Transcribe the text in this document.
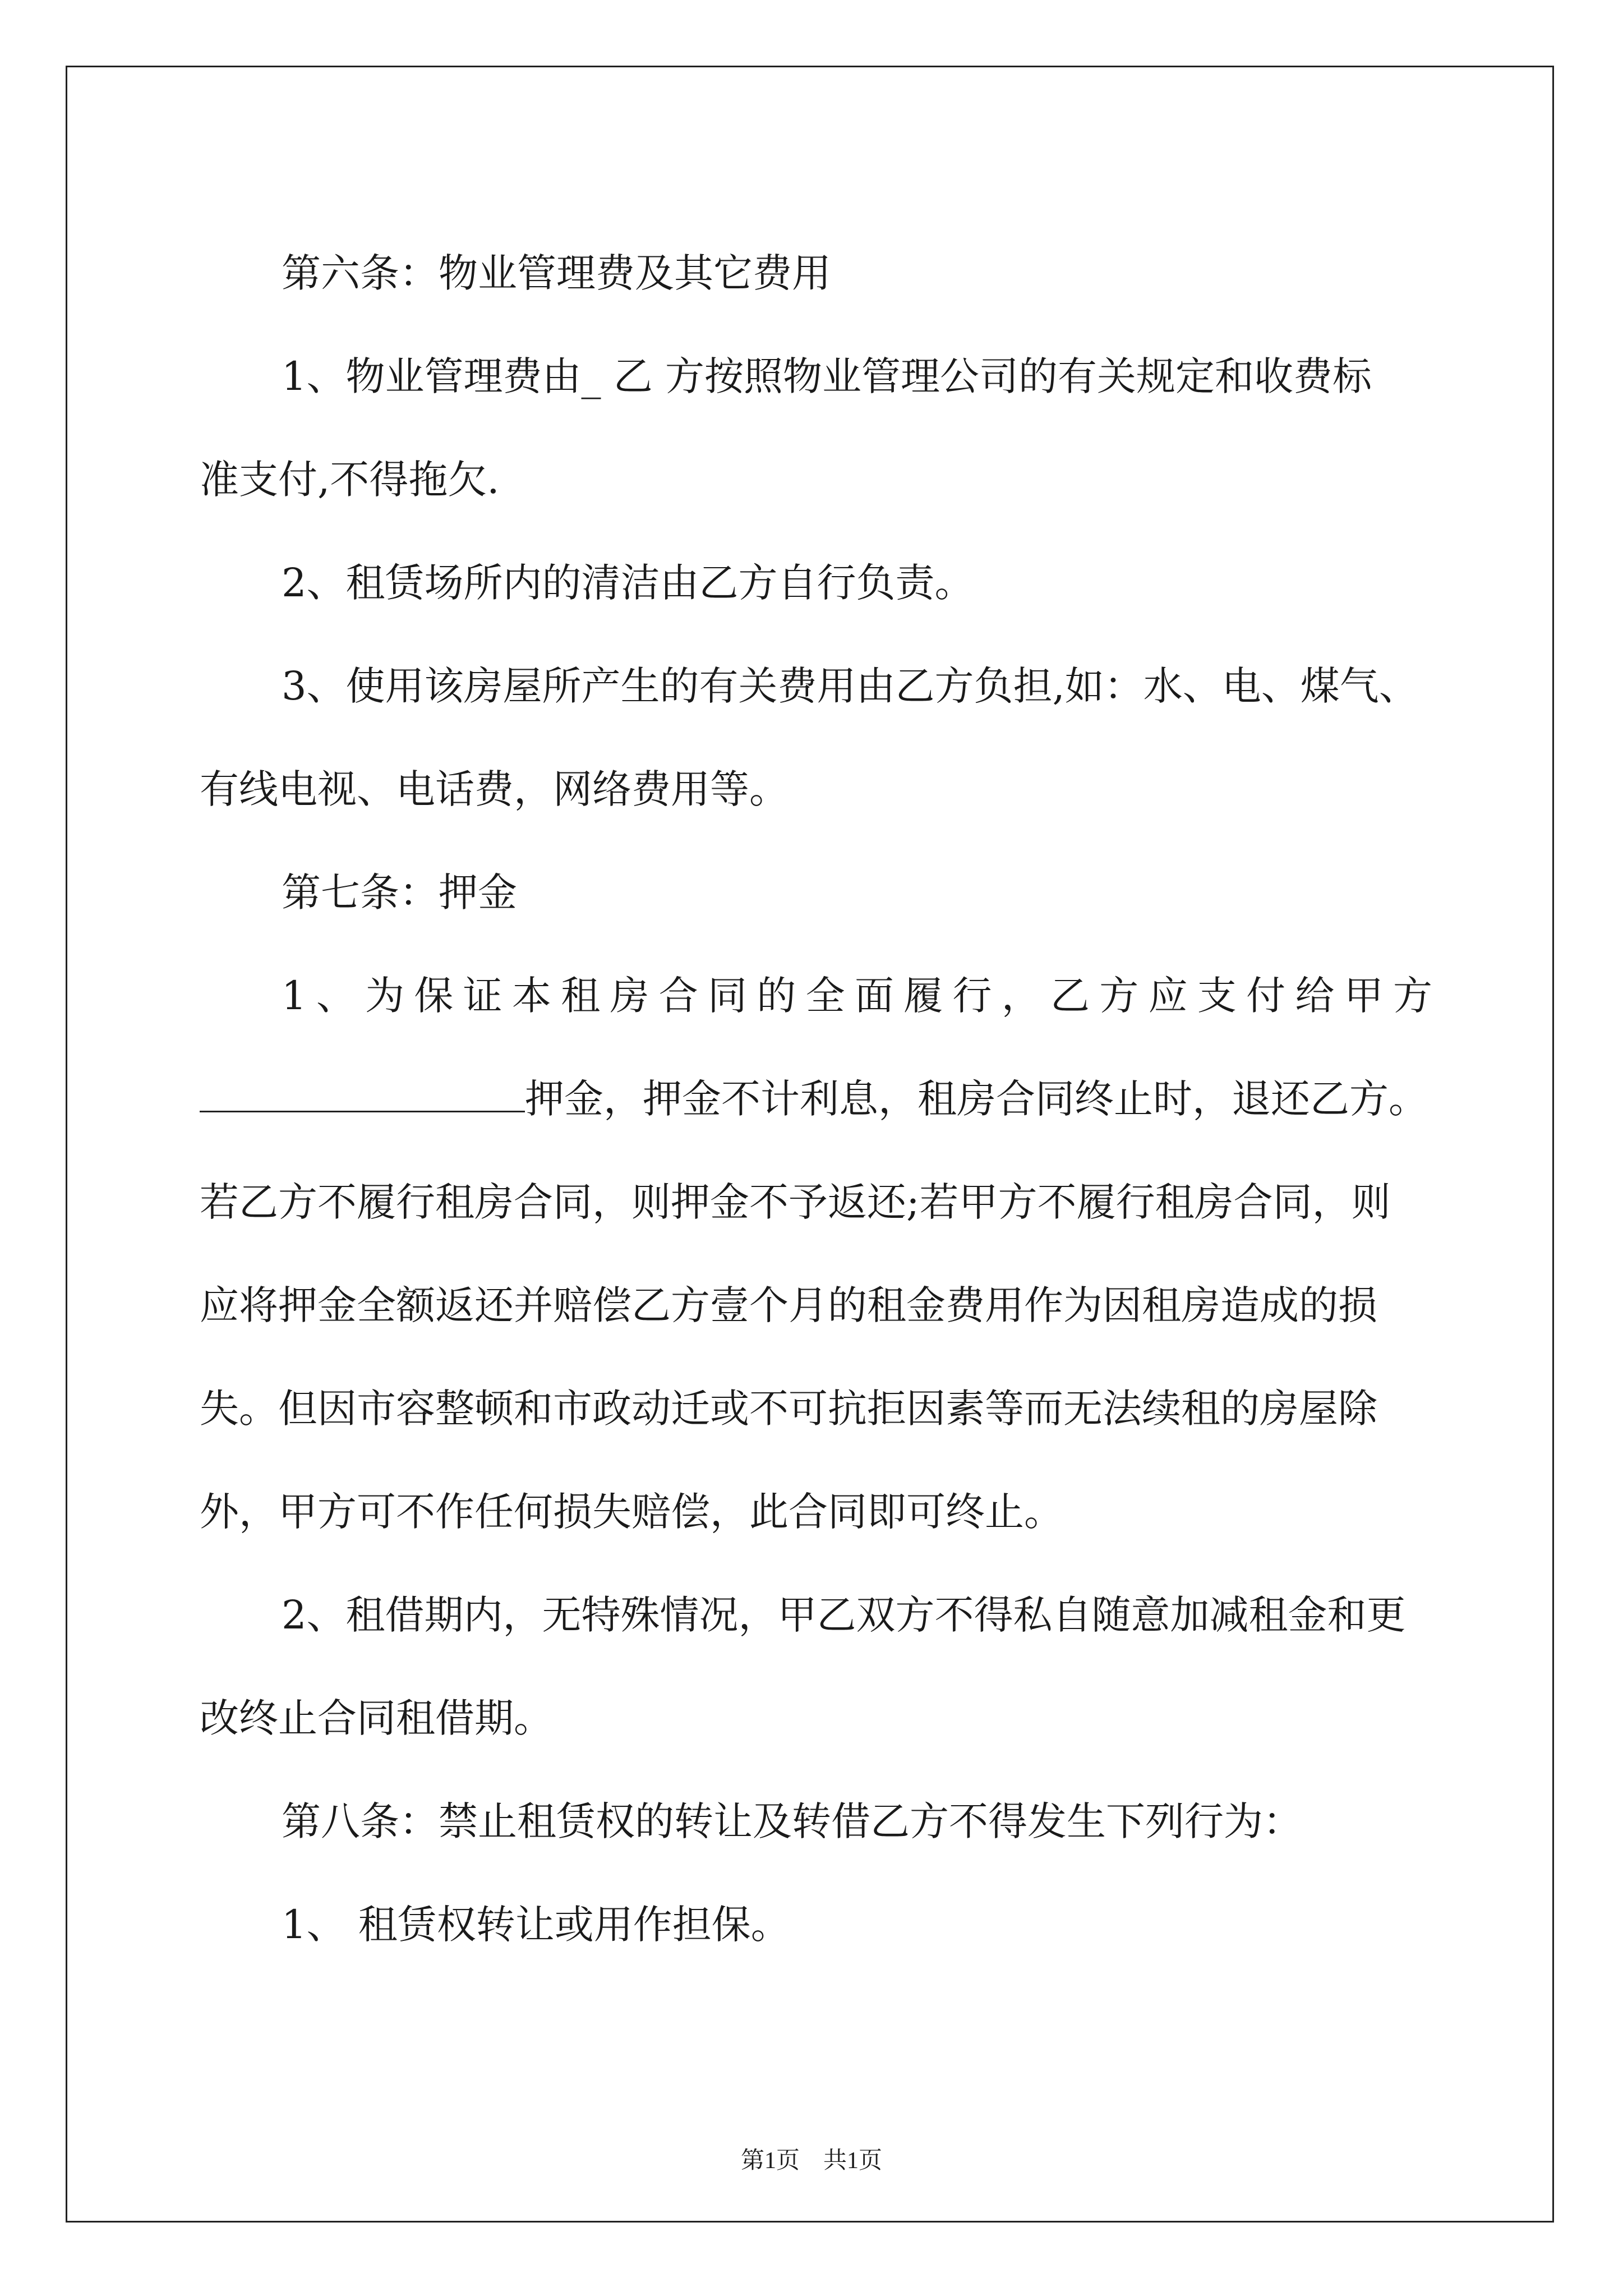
第六条：物业管理费及其它费用

1、物业管理费由_ 乙 方按照物业管理公司的有关规定和收费标

准支付,不得拖欠.

2、租赁场所内的清洁由乙方自行负责。

3、使用该房屋所产生的有关费用由乙方负担,如：水、电、煤气、

有线电视、电话费，网络费用等。

第七条：押金

1、为保证本租房合同的全面履行，乙方应支付给甲方

押金，押金不计利息，租房合同终止时，退还乙方。

若乙方不履行租房合同，则押金不予返还;若甲方不履行租房合同，则

应将押金全额返还并赔偿乙方壹个月的租金费用作为因租房造成的损

失。但因市容整顿和市政动迁或不可抗拒因素等而无法续租的房屋除

外，甲方可不作任何损失赔偿，此合同即可终止。

2、租借期内，无特殊情况，甲乙双方不得私自随意加减租金和更

改终止合同租借期。

第八条：禁止租赁权的转让及转借乙方不得发生下列行为：

1、 租赁权转让或用作担保。

第1页　共1页
